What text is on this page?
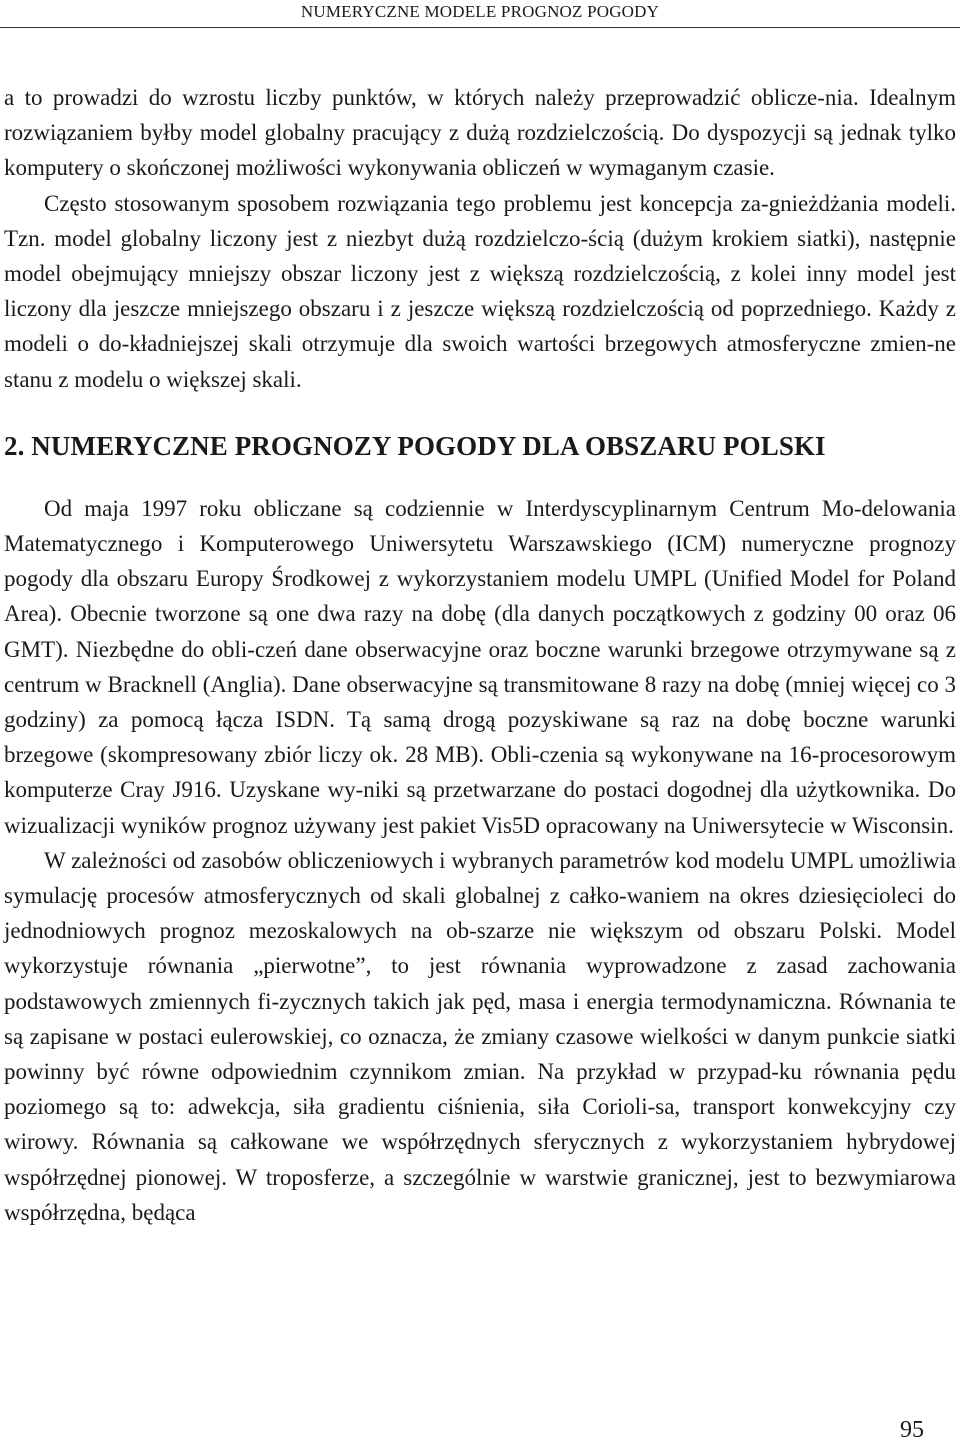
NUMERYCZNE MODELE PROGNOZ POGODY

a to prowadzi do wzrostu liczby punktów, w których należy przeprowadzić oblicze-nia. Idealnym rozwiązaniem byłby model globalny pracujący z dużą rozdzielczością. Do dyspozycji są jednak tylko komputery o skończonej możliwości wykonywania obliczeń w wymaganym czasie.

Często stosowanym sposobem rozwiązania tego problemu jest koncepcja za-gnieżdżania modeli. Tzn. model globalny liczony jest z niezbyt dużą rozdzielczo-ścią (dużym krokiem siatki), następnie model obejmujący mniejszy obszar liczony jest z większą rozdzielczością, z kolei inny model jest liczony dla jeszcze mniejszego obszaru i z jeszcze większą rozdzielczością od poprzedniego. Każdy z modeli o do-kładniejszej skali otrzymuje dla swoich wartości brzegowych atmosferyczne zmien-ne stanu z modelu o większej skali.

2. NUMERYCZNE PROGNOZY POGODY DLA OBSZARU POLSKI

Od maja 1997 roku obliczane są codziennie w Interdyscyplinarnym Centrum Mo-delowania Matematycznego i Komputerowego Uniwersytetu Warszawskiego (ICM) numeryczne prognozy pogody dla obszaru Europy Środkowej z wykorzystaniem modelu UMPL (Unified Model for Poland Area). Obecnie tworzone są one dwa razy na dobę (dla danych początkowych z godziny 00 oraz 06 GMT). Niezbędne do obli-czeń dane obserwacyjne oraz boczne warunki brzegowe otrzymywane są z centrum w Bracknell (Anglia). Dane obserwacyjne są transmitowane 8 razy na dobę (mniej więcej co 3 godziny) za pomocą łącza ISDN. Tą samą drogą pozyskiwane są raz na dobę boczne warunki brzegowe (skompresowany zbiór liczy ok. 28 MB). Obli-czenia są wykonywane na 16-procesorowym komputerze Cray J916. Uzyskane wy-niki są przetwarzane do postaci dogodnej dla użytkownika. Do wizualizacji wyników prognoz używany jest pakiet Vis5D opracowany na Uniwersytecie w Wisconsin.

W zależności od zasobów obliczeniowych i wybranych parametrów kod modelu UMPL umożliwia symulację procesów atmosferycznych od skali globalnej z całko-waniem na okres dziesięcioleci do jednodniowych prognoz mezoskalowych na ob-szarze nie większym od obszaru Polski. Model wykorzystuje równania „pierwotne”, to jest równania wyprowadzone z zasad zachowania podstawowych zmiennych fi-zycznych takich jak pęd, masa i energia termodynamiczna. Równania te są zapisane w postaci eulerowskiej, co oznacza, że zmiany czasowe wielkości w danym punkcie siatki powinny być równe odpowiednim czynnikom zmian. Na przykład w przypad-ku równania pędu poziomego są to: adwekcja, siła gradientu ciśnienia, siła Corioli-sa, transport konwekcyjny czy wirowy. Równania są całkowane we współrzędnych sferycznych z wykorzystaniem hybrydowej współrzędnej pionowej. W troposferze, a szczególnie w warstwie granicznej, jest to bezwymiarowa współrzędna, będąca

95
